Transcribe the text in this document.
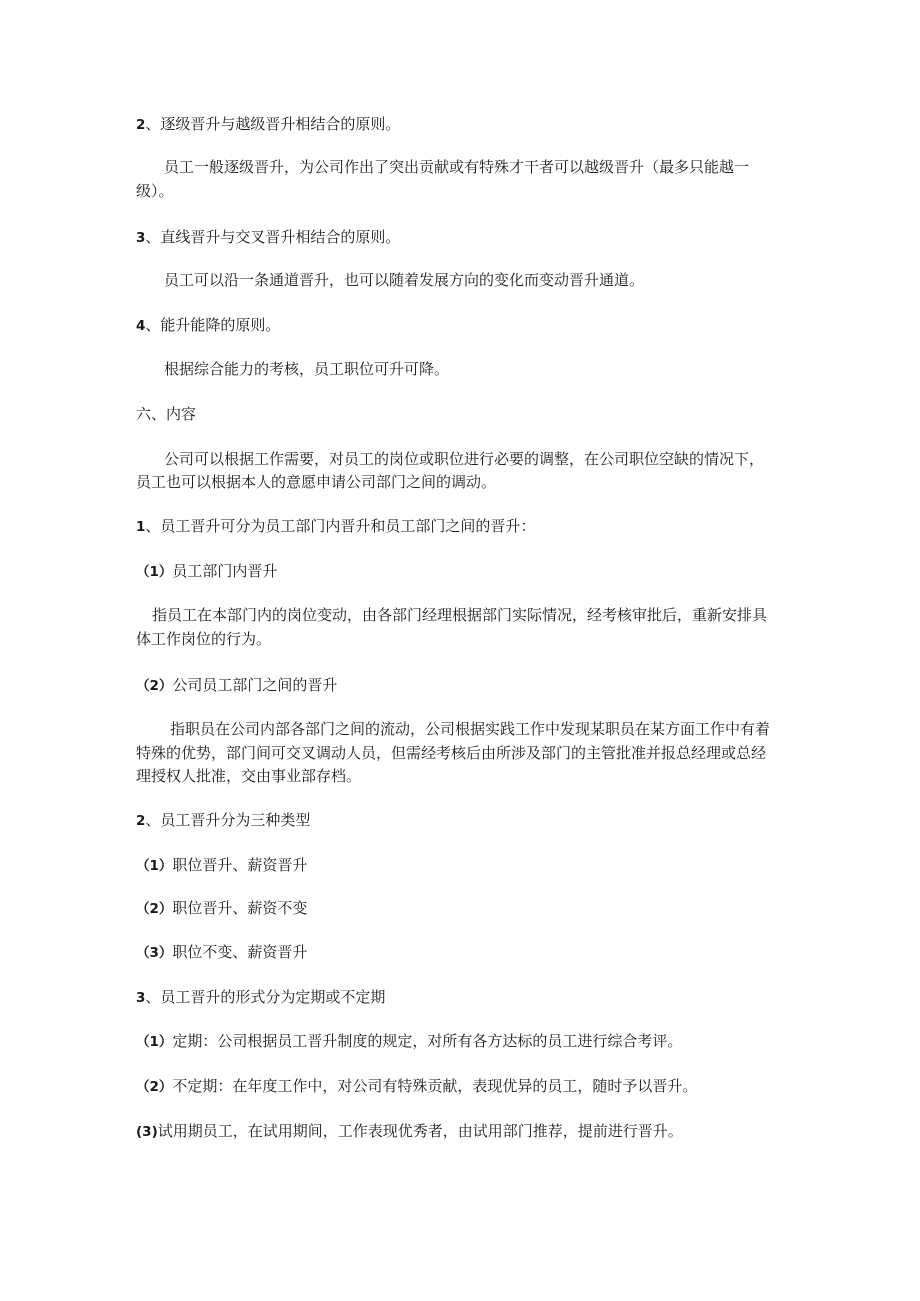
2、逐级晋升与越级晋升相结合的原则。
员工一般逐级晋升，为公司作出了突出贡献或有特殊才干者可以越级晋升（最多只能越一
级）。
3、直线晋升与交叉晋升相结合的原则。
员工可以沿一条通道晋升，也可以随着发展方向的变化而变动晋升通道。
4、能升能降的原则。
根据综合能力的考核，员工职位可升可降。
六、内容
公司可以根据工作需要，对员工的岗位或职位进行必要的调整，在公司职位空缺的情况下，
员工也可以根据本人的意愿申请公司部门之间的调动。
1、员工晋升可分为员工部门内晋升和员工部门之间的晋升：
（1）员工部门内晋升
指员工在本部门内的岗位变动，由各部门经理根据部门实际情况，经考核审批后，重新安排具
体工作岗位的行为。
（2）公司员工部门之间的晋升
指职员在公司内部各部门之间的流动，公司根据实践工作中发现某职员在某方面工作中有着
特殊的优势，部门间可交叉调动人员，但需经考核后由所涉及部门的主管批准并报总经理或总经
理授权人批准，交由事业部存档。
2、员工晋升分为三种类型
（1）职位晋升、薪资晋升
（2）职位晋升、薪资不变
（3）职位不变、薪资晋升
3、员工晋升的形式分为定期或不定期
（1）定期：公司根据员工晋升制度的规定，对所有各方达标的员工进行综合考评。
（2）不定期：在年度工作中，对公司有特殊贡献，表现优异的员工，随时予以晋升。
(3)试用期员工，在试用期间，工作表现优秀者，由试用部门推荐，提前进行晋升。
